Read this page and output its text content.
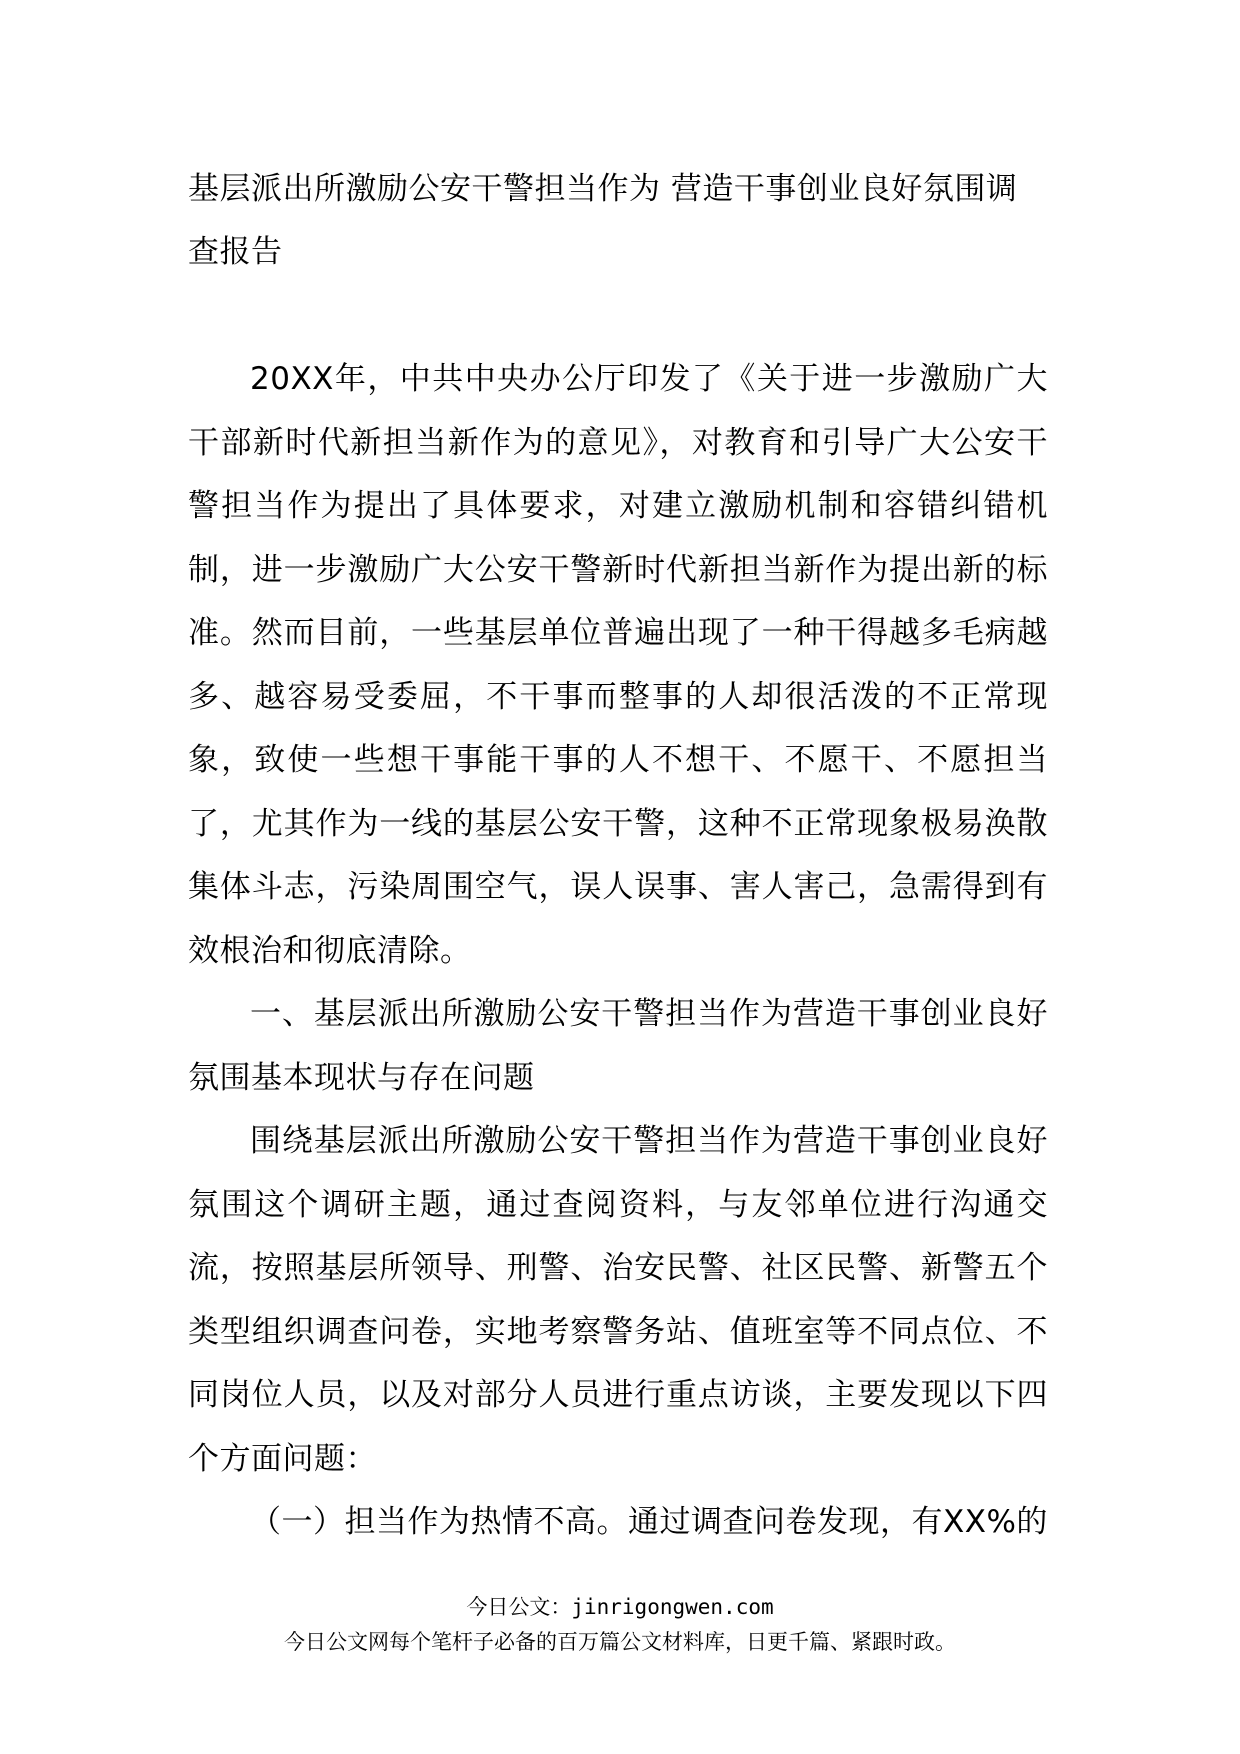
基层派出所激励公安干警担当作为 营造干事创业良好氛围调查报告

20XX年，中共中央办公厅印发了《关于进一步激励广大干部新时代新担当新作为的意见》，对教育和引导广大公安干警担当作为提出了具体要求，对建立激励机制和容错纠错机制，进一步激励广大公安干警新时代新担当新作为提出新的标准。然而目前，一些基层单位普遍出现了一种干得越多毛病越多、越容易受委屈，不干事而整事的人却很活泼的不正常现象，致使一些想干事能干事的人不想干、不愿干、不愿担当了，尤其作为一线的基层公安干警，这种不正常现象极易涣散集体斗志，污染周围空气，误人误事、害人害己，急需得到有效根治和彻底清除。

一、基层派出所激励公安干警担当作为营造干事创业良好氛围基本现状与存在问题

围绕基层派出所激励公安干警担当作为营造干事创业良好氛围这个调研主题，通过查阅资料，与友邻单位进行沟通交流，按照基层所领导、刑警、治安民警、社区民警、新警五个类型组织调查问卷，实地考察警务站、值班室等不同点位、不同岗位人员，以及对部分人员进行重点访谈，主要发现以下四个方面问题：

（一）担当作为热情不高。通过调查问卷发现，有XX%的

今日公文：jinrigongwen.com
今日公文网每个笔杆子必备的百万篇公文材料库，日更千篇、紧跟时政。
